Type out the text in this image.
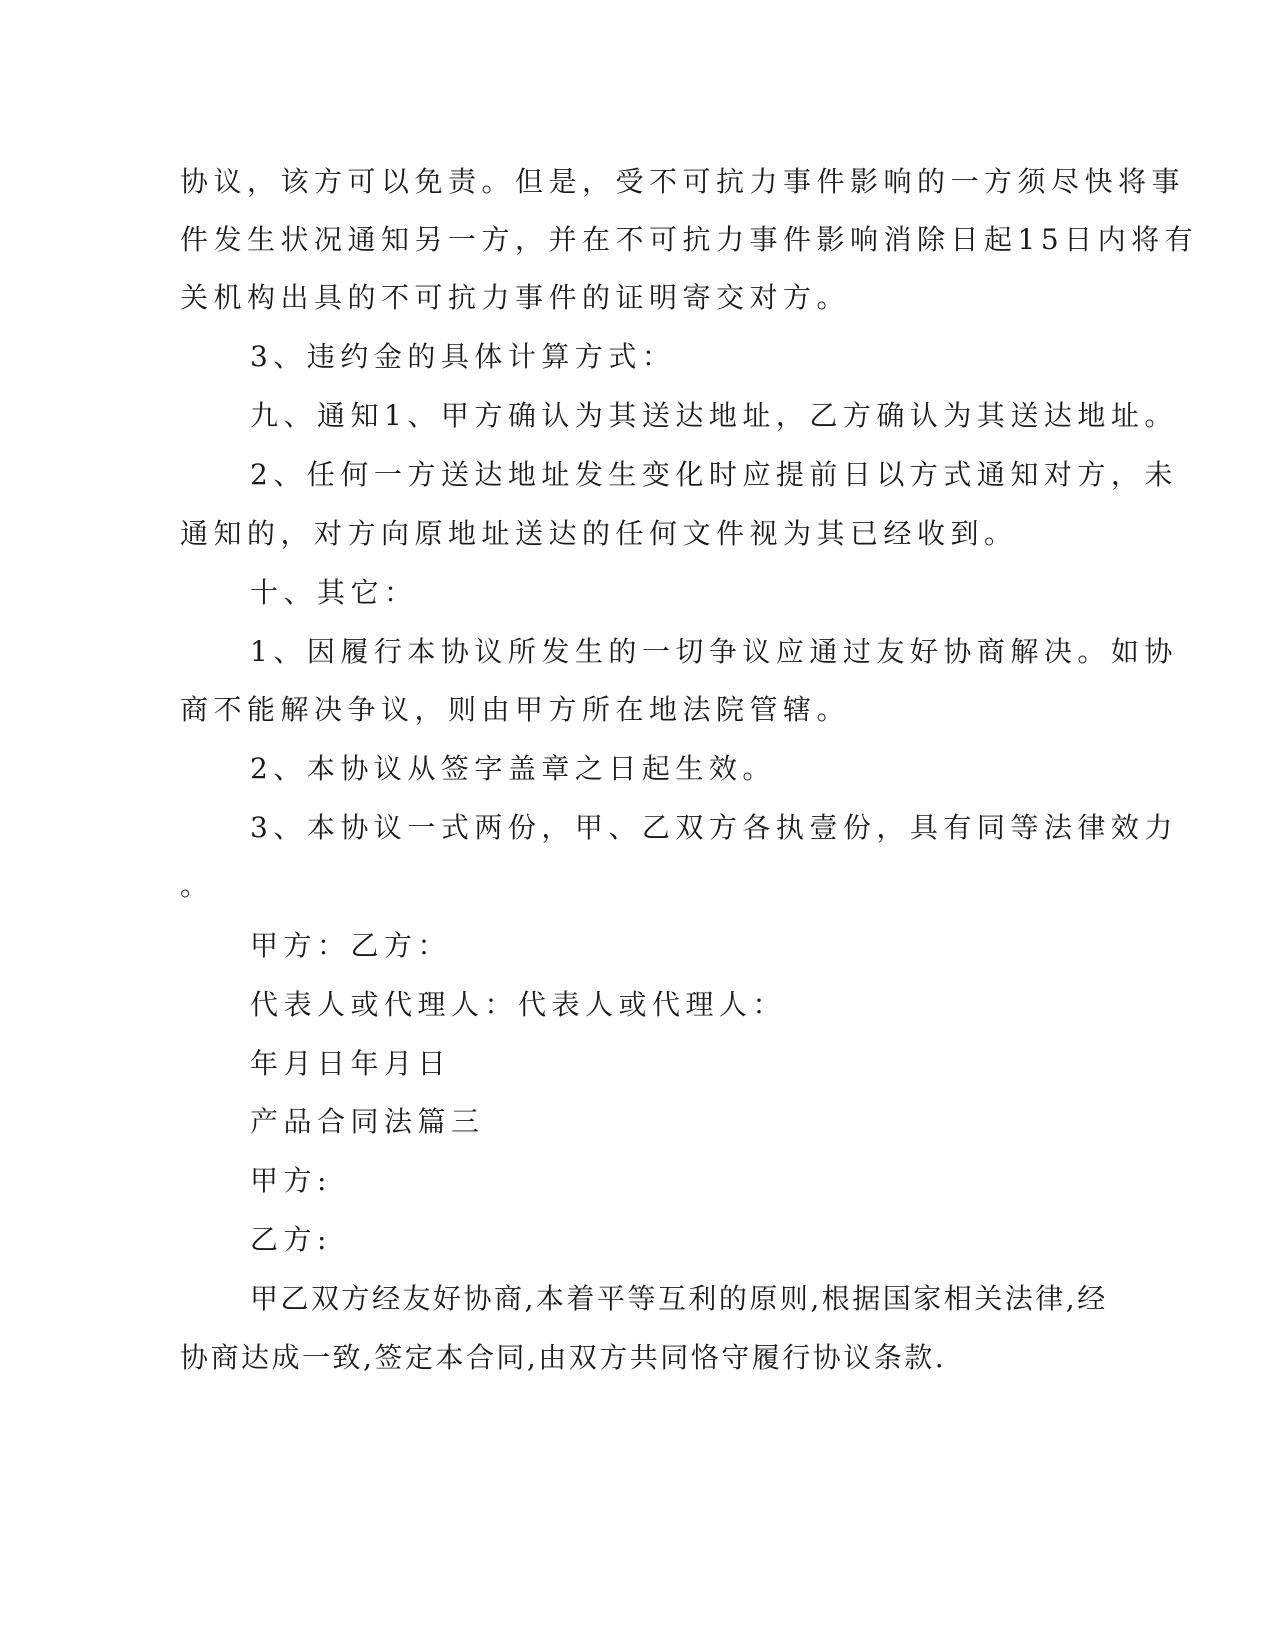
协议，该方可以免责。但是，受不可抗力事件影响的一方须尽快将事
件发生状况通知另一方，并在不可抗力事件影响消除日起15日内将有
关机构出具的不可抗力事件的证明寄交对方。
3、违约金的具体计算方式：
九、通知1、甲方确认为其送达地址，乙方确认为其送达地址。
2、任何一方送达地址发生变化时应提前日以方式通知对方，未
通知的，对方向原地址送达的任何文件视为其已经收到。
十、其它：
1、因履行本协议所发生的一切争议应通过友好协商解决。如协
商不能解决争议，则由甲方所在地法院管辖。
2、本协议从签字盖章之日起生效。
3、本协议一式两份，甲、乙双方各执壹份，具有同等法律效力
。
甲方：乙方：
代表人或代理人：代表人或代理人：
年月日年月日
产品合同法篇三
甲方:
乙方:
甲乙双方经友好协商,本着平等互利的原则,根据国家相关法律,经
协商达成一致,签定本合同,由双方共同恪守履行协议条款.
